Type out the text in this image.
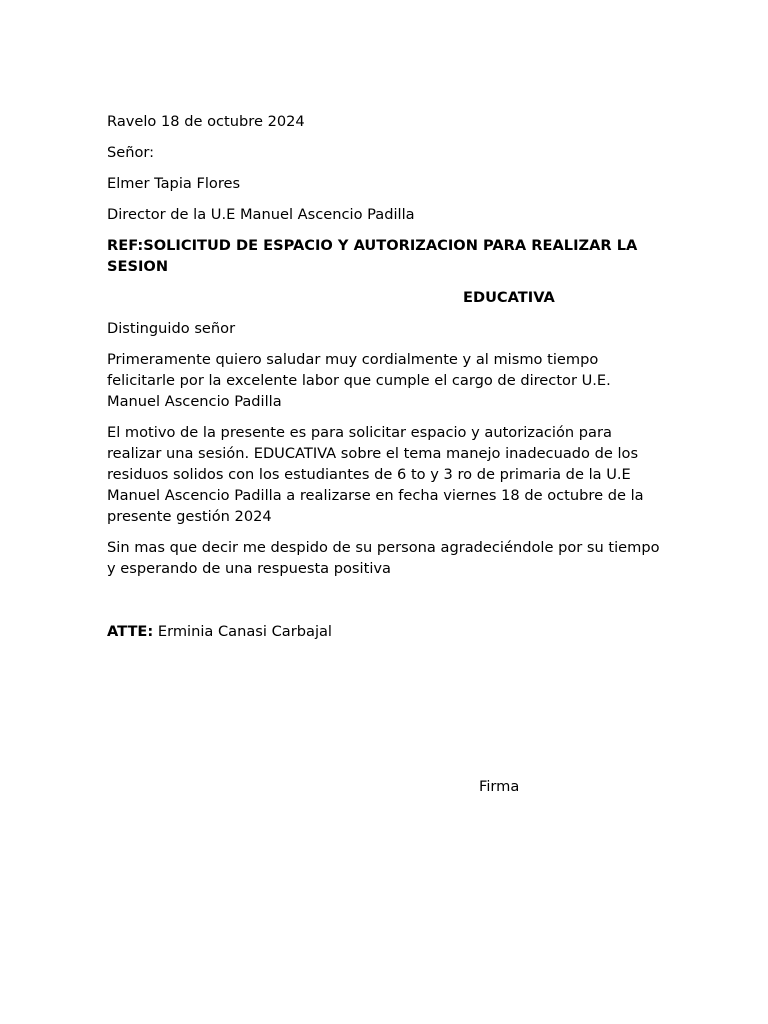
Ravelo 18 de octubre 2024

Señor:

Elmer Tapia Flores

Director de la U.E Manuel Ascencio Padilla

REF:SOLICITUD DE ESPACIO Y AUTORIZACION PARA REALIZAR LA SESION

EDUCATIVA

Distinguido señor

Primeramente quiero saludar muy cordialmente y al mismo tiempo felicitarle por la excelente labor que cumple el cargo de director U.E. Manuel Ascencio Padilla

El motivo de la presente es para solicitar espacio y autorización para realizar una sesión. EDUCATIVA sobre el tema manejo inadecuado de los residuos solidos con los estudiantes de 6 to y 3 ro de primaria de la U.E Manuel Ascencio Padilla a realizarse en fecha viernes 18 de octubre de la presente gestión 2024

Sin mas que decir me despido de su persona agradeciéndole por su tiempo y esperando de una respuesta positiva

ATTE: Erminia Canasi Carbajal

Firma
